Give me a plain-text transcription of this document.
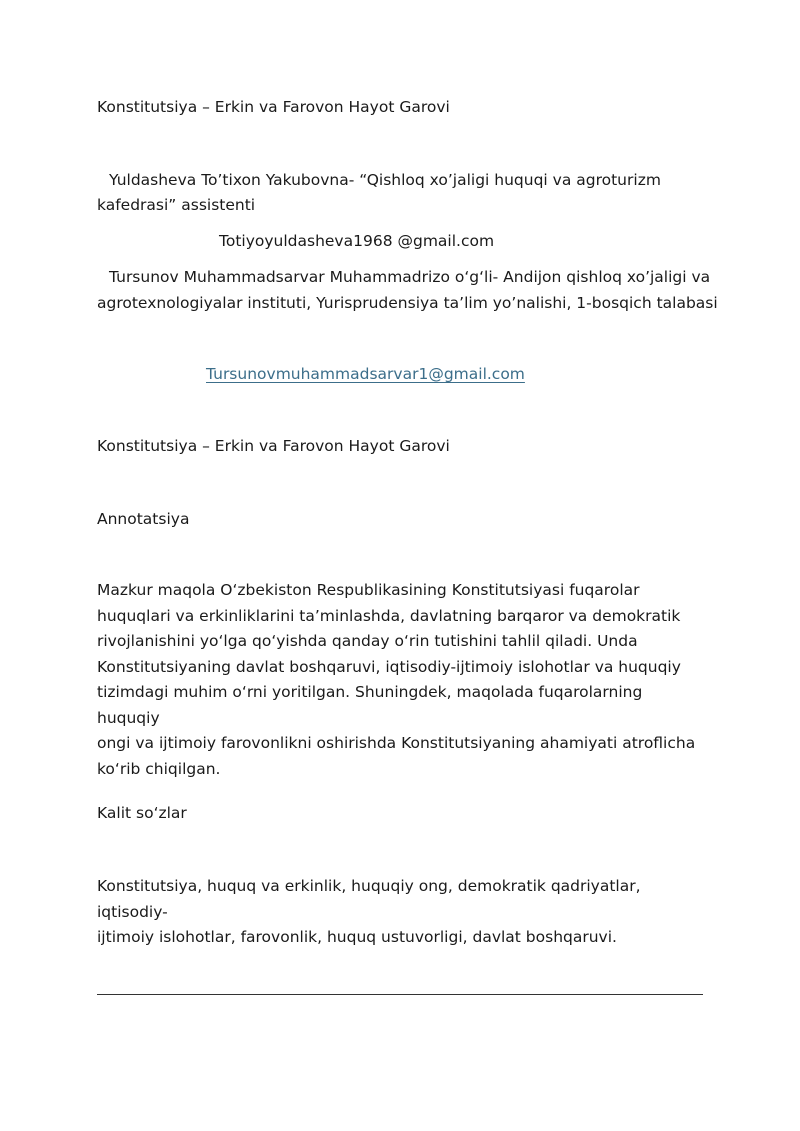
Konstitutsiya – Erkin va Farovon Hayot Garovi
Yuldasheva To’tixon Yakubovna- “Qishloq xo’jaligi huquqi va agroturizm
kafedrasi” assistenti
Totiyoyuldasheva1968 @gmail.com
Tursunov Muhammadsarvar Muhammadrizo o‘g‘li- Andijon qishloq xo’jaligi va
agrotexnologiyalar instituti, Yurisprudensiya ta’lim yo’nalishi, 1-bosqich talabasi
Tursunovmuhammadsarvar1@gmail.com
Konstitutsiya – Erkin va Farovon Hayot Garovi
Annotatsiya
Mazkur maqola O‘zbekiston Respublikasining Konstitutsiyasi fuqarolar
huquqlari va erkinliklarini ta’minlashda, davlatning barqaror va demokratik
rivojlanishini yo‘lga qo‘yishda qanday o‘rin tutishini tahlil qiladi. Unda
Konstitutsiyaning davlat boshqaruvi, iqtisodiy-ijtimoiy islohotlar va huquqiy
tizimdagi muhim o‘rni yoritilgan. Shuningdek, maqolada fuqarolarning huquqiy
ongi va ijtimoiy farovonlikni oshirishda Konstitutsiyaning ahamiyati atroflicha
ko‘rib chiqilgan.
Kalit so‘zlar
Konstitutsiya, huquq va erkinlik, huquqiy ong, demokratik qadriyatlar, iqtisodiy-
ijtimoiy islohotlar, farovonlik, huquq ustuvorligi, davlat boshqaruvi.
